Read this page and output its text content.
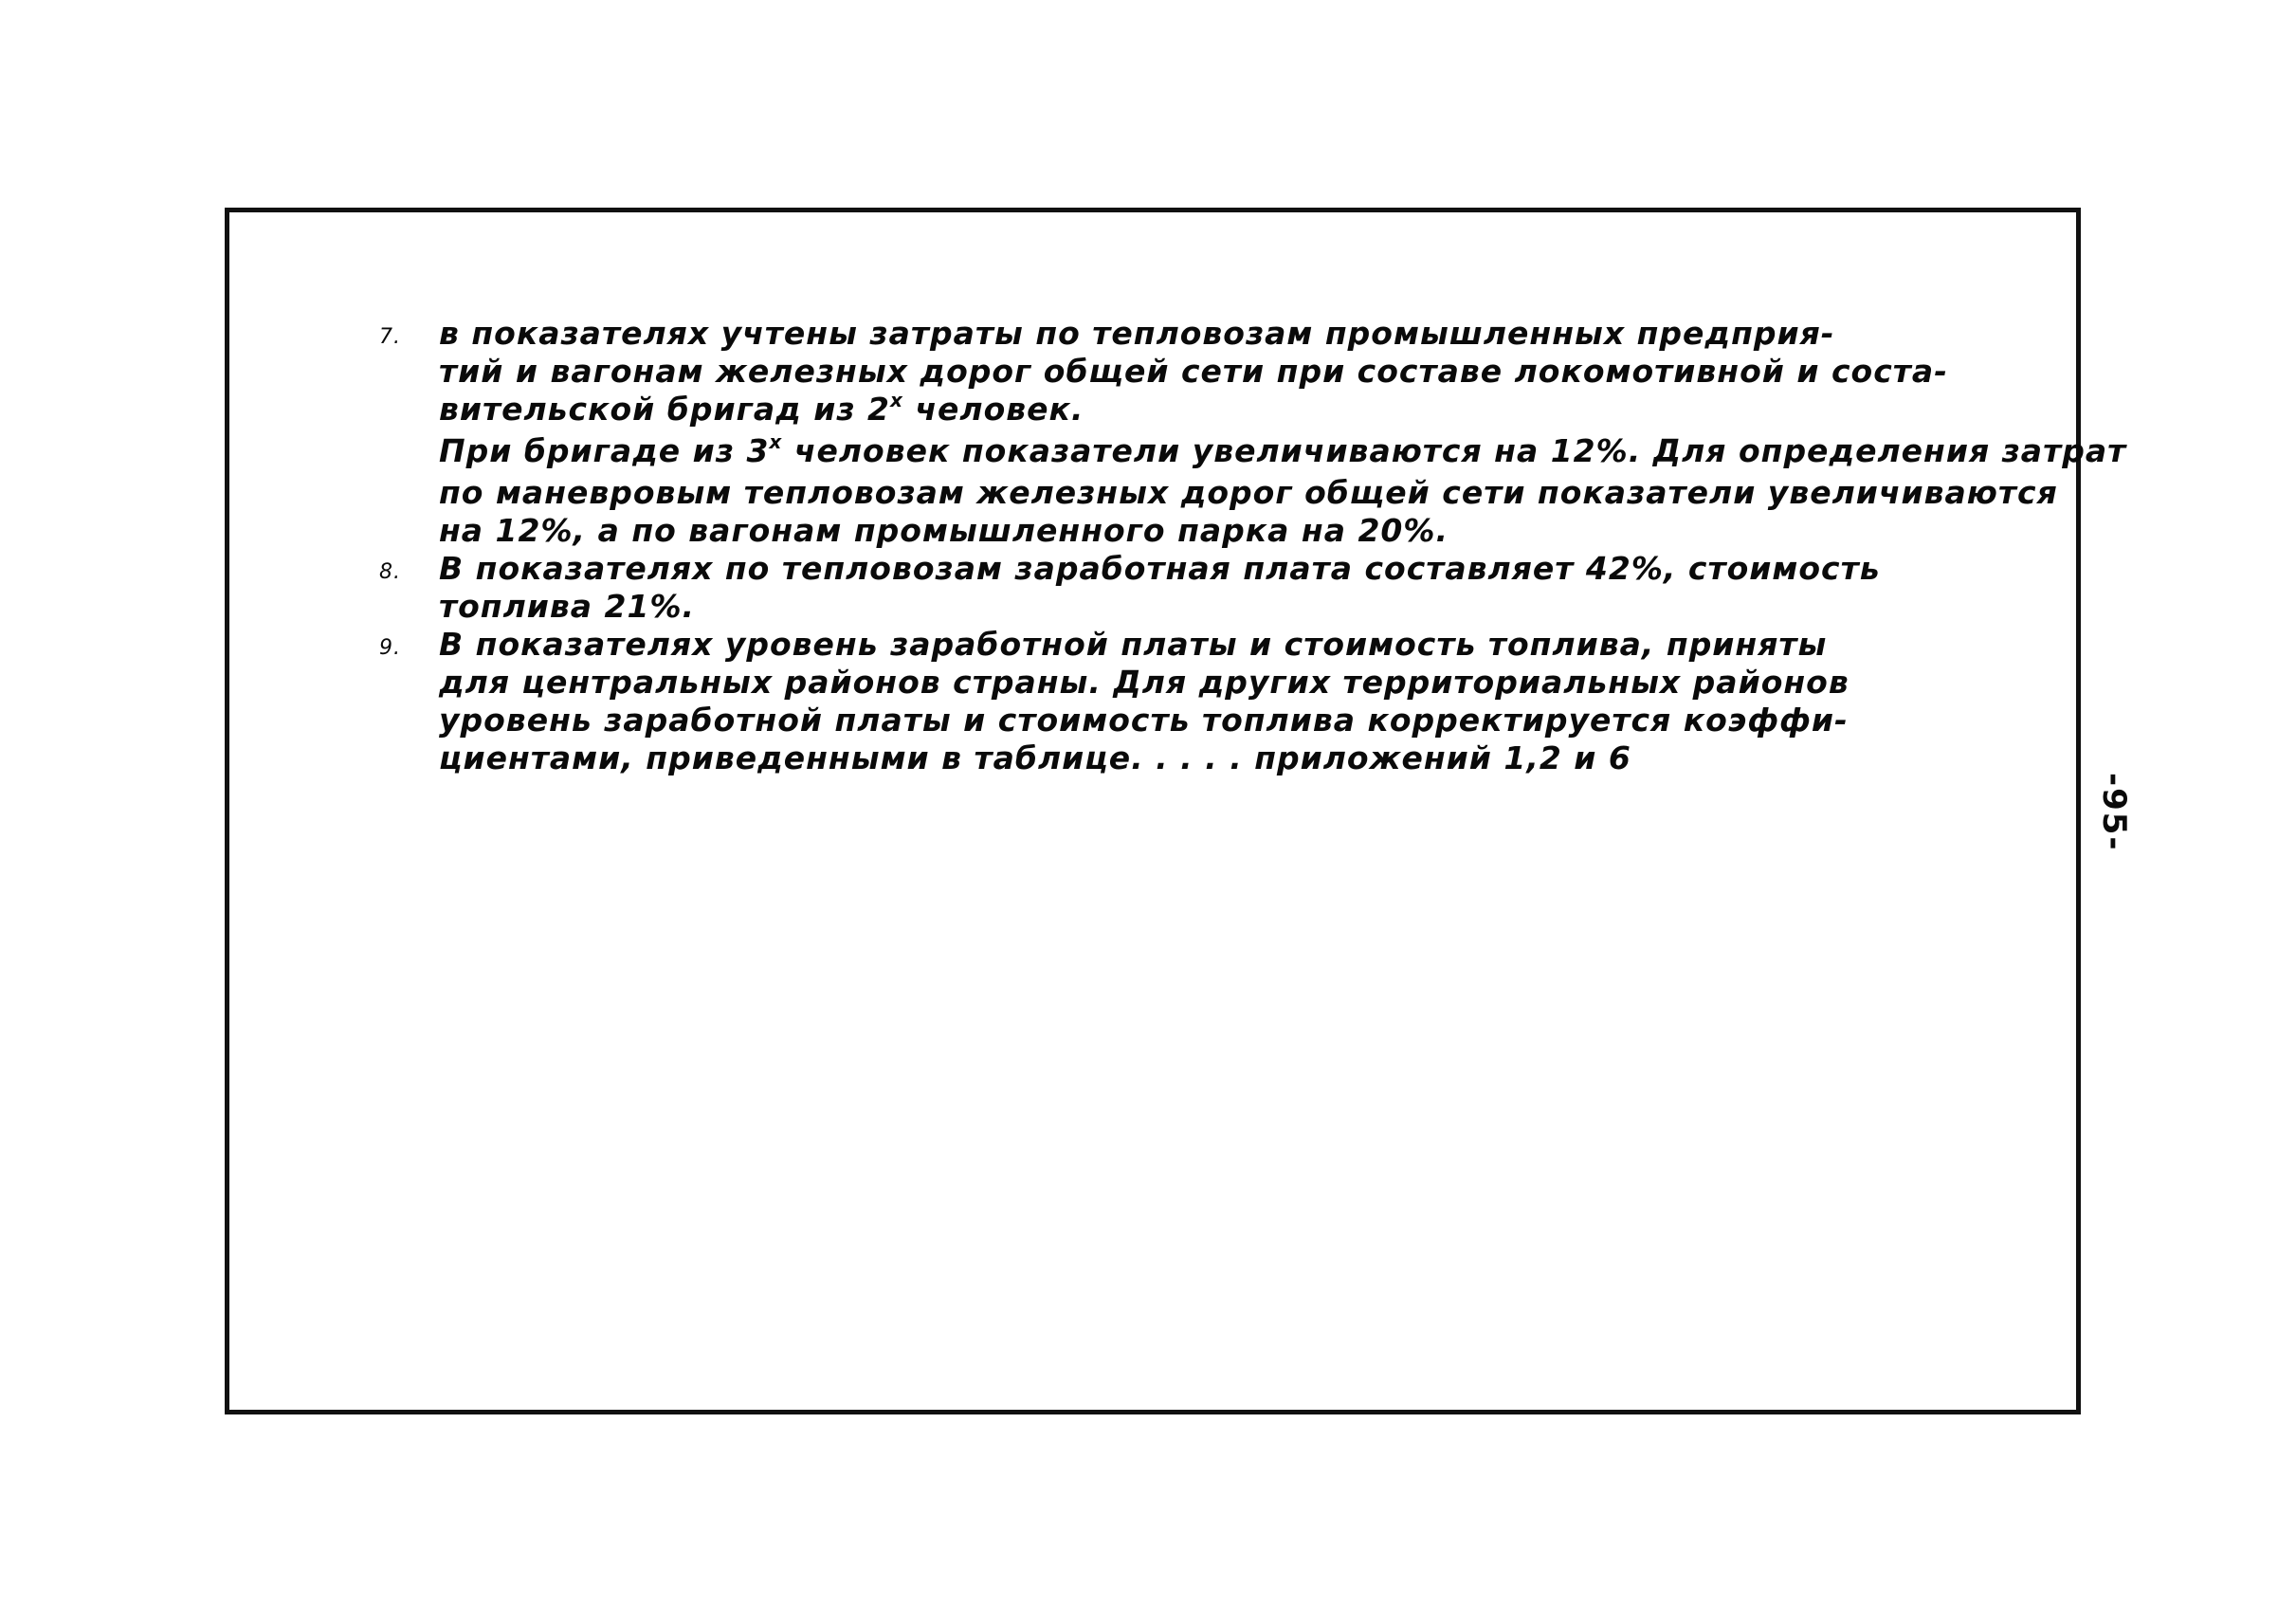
7. в показателях учтены затраты по тепловозам промышленных предприя-
тий и вагонам железных дорог общей сети при составе локомотивной и соста-
вительской бригад из $2^х$ человек.
При бригаде из $3^х$ человек показатели увеличиваются на 12%. Для определения затрат
по маневровым тепловозам железных дорог общей сети показатели увеличиваются
на 12%, а по вагонам промышленного парка на 20%.
8. В показателях по тепловозам заработная плата составляет 42%, стоимость
топлива 21%.
9. В показателях уровень заработной платы и стоимость топлива, приняты
для центральных районов страны. Для других территориальных районов
уровень заработной платы и стоимость топлива корректируется коэффи-
циентами, приведенными в таблице. . . . . приложений 1,2 и 6
-95-
